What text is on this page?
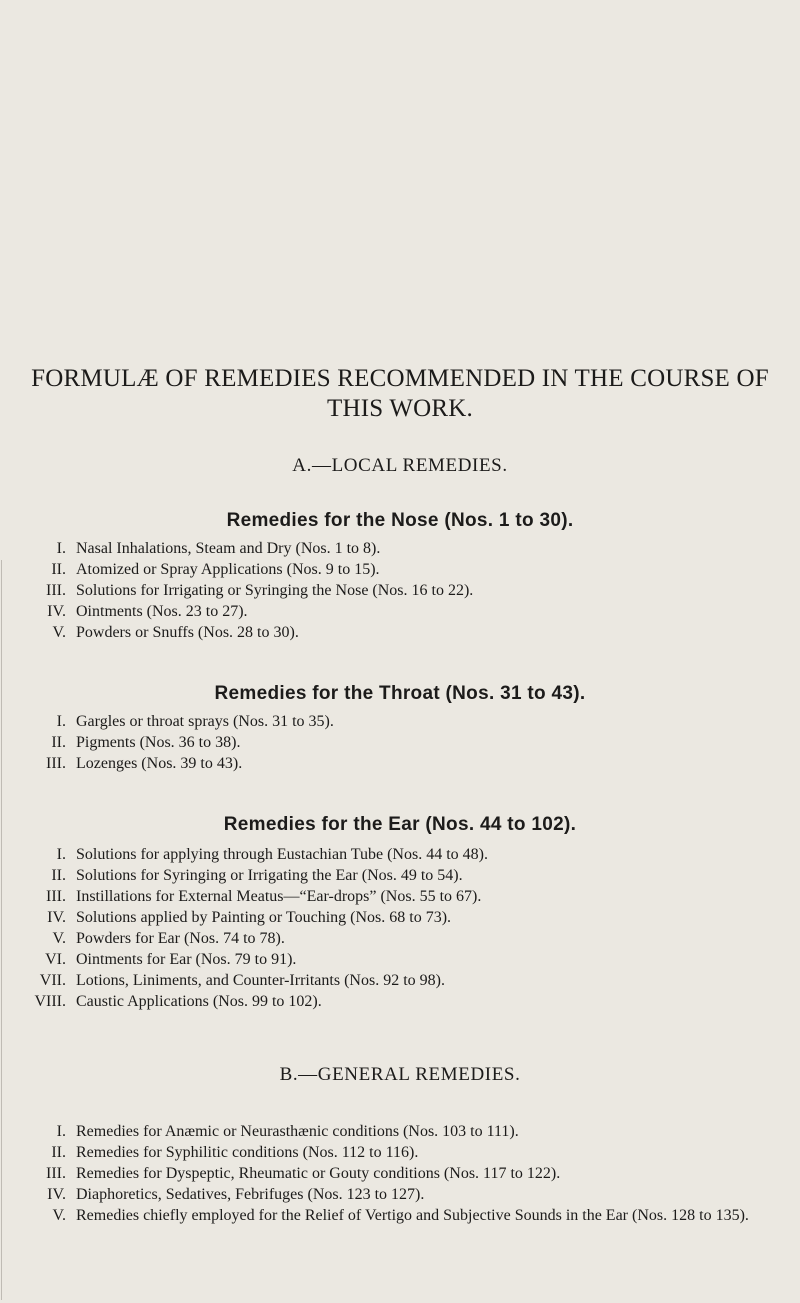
FORMULÆ OF REMEDIES RECOMMENDED IN THE COURSE OF THIS WORK.
A.—LOCAL REMEDIES.
Remedies for the Nose (Nos. 1 to 30).
I. Nasal Inhalations, Steam and Dry (Nos. 1 to 8).
II. Atomized or Spray Applications (Nos. 9 to 15).
III. Solutions for Irrigating or Syringing the Nose (Nos. 16 to 22).
IV. Ointments (Nos. 23 to 27).
V. Powders or Snuffs (Nos. 28 to 30).
Remedies for the Throat (Nos. 31 to 43).
I. Gargles or throat sprays (Nos. 31 to 35).
II. Pigments (Nos. 36 to 38).
III. Lozenges (Nos. 39 to 43).
Remedies for the Ear (Nos. 44 to 102).
I. Solutions for applying through Eustachian Tube (Nos. 44 to 48).
II. Solutions for Syringing or Irrigating the Ear (Nos. 49 to 54).
III. Instillations for External Meatus—“Ear-drops” (Nos. 55 to 67).
IV. Solutions applied by Painting or Touching (Nos. 68 to 73).
V. Powders for Ear (Nos. 74 to 78).
VI. Ointments for Ear (Nos. 79 to 91).
VII. Lotions, Liniments, and Counter-Irritants (Nos. 92 to 98).
VIII. Caustic Applications (Nos. 99 to 102).
B.—GENERAL REMEDIES.
I. Remedies for Anæmic or Neurasthænic conditions (Nos. 103 to 111).
II. Remedies for Syphilitic conditions (Nos. 112 to 116).
III. Remedies for Dyspeptic, Rheumatic or Gouty conditions (Nos. 117 to 122).
IV. Diaphoretics, Sedatives, Febrifuges (Nos. 123 to 127).
V. Remedies chiefly employed for the Relief of Vertigo and Subjective Sounds in the Ear (Nos. 128 to 135).
